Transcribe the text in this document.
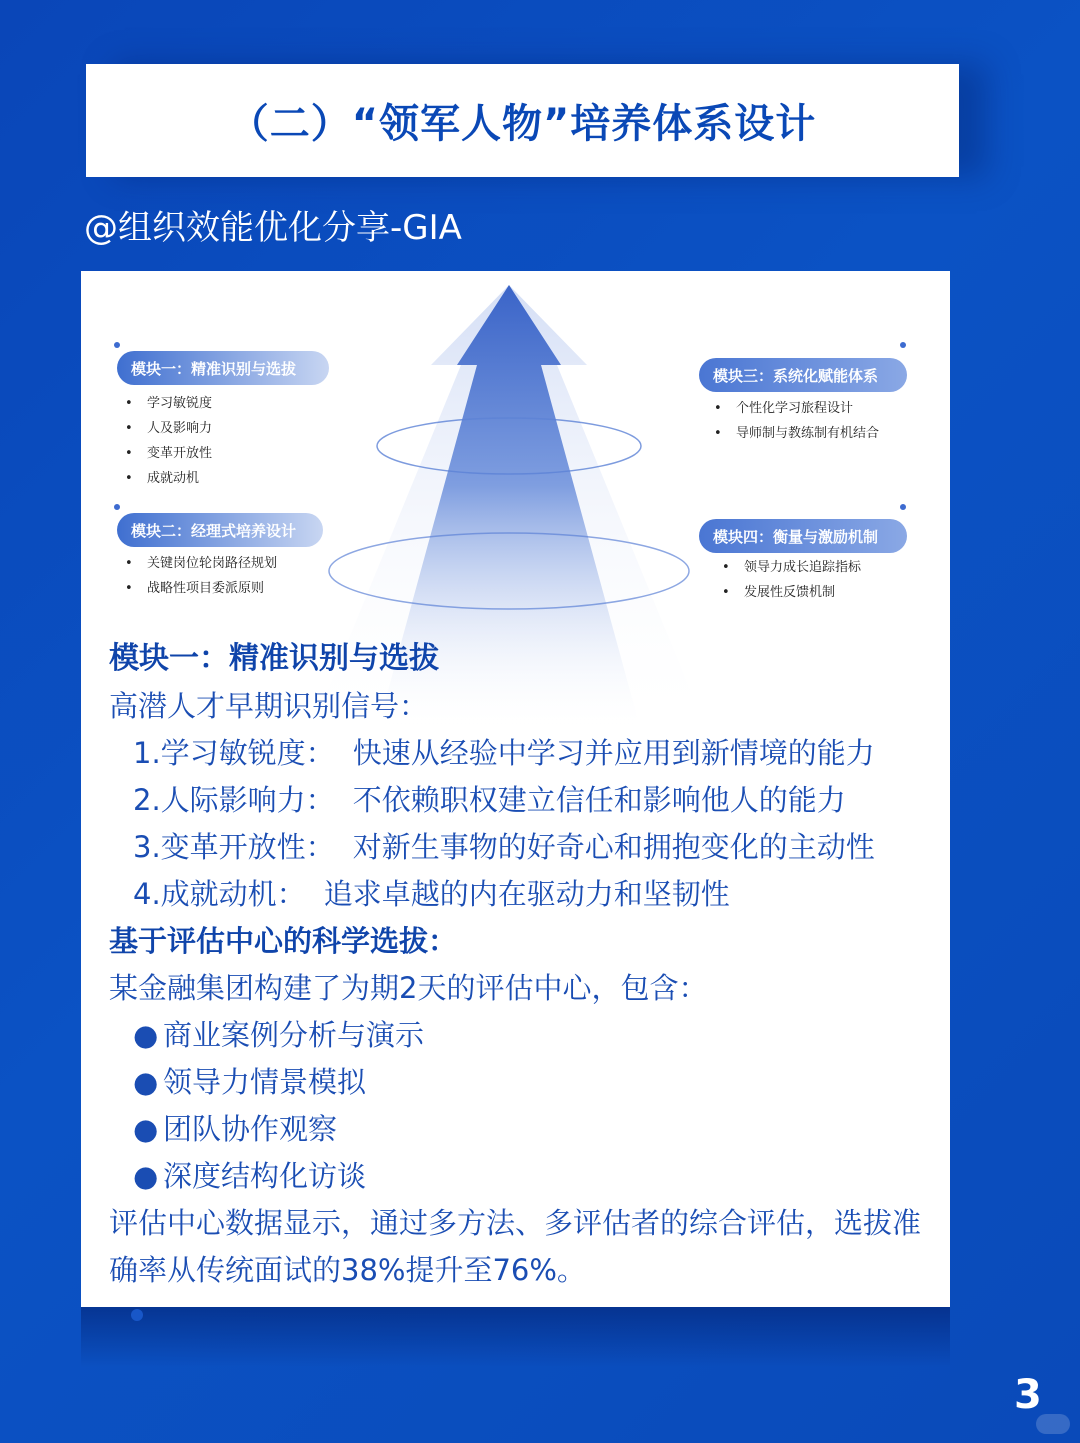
（二）“领军人物”培养体系设计
@组织效能优化分享-GIA
模块一：精准识别与选拔
• 学习敏锐度
• 人及影响力
• 变革开放性
• 成就动机
模块二：经理式培养设计
• 关键岗位轮岗路径规划
• 战略性项目委派原则
模块三：系统化赋能体系
• 个性化学习旅程设计
• 导师制与教练制有机结合
模块四：衡量与激励机制
• 领导力成长追踪指标
• 发展性反馈机制
模块一：精准识别与选拔
高潜人才早期识别信号：
1.学习敏锐度： 快速从经验中学习并应用到新情境的能力
2.人际影响力： 不依赖职权建立信任和影响他人的能力
3.变革开放性： 对新生事物的好奇心和拥抱变化的主动性
4.成就动机： 追求卓越的内在驱动力和坚韧性
基于评估中心的科学选拔：
某金融集团构建了为期2天的评估中心，包含：
● 商业案例分析与演示
● 领导力情景模拟
● 团队协作观察
● 深度结构化访谈
评估中心数据显示，通过多方法、多评估者的综合评估，选拔准确率从传统面试的38%提升至76%。
3
